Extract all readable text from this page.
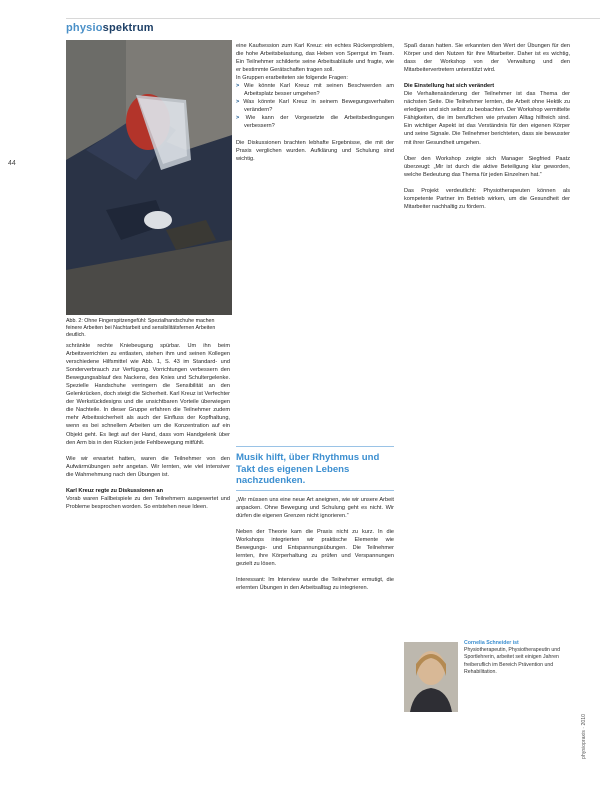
physiospektrum
44
Abb. 2: Ohne Fingerspitzengefühl: Spezialhandschuhe machen feinere Arbeiten bei Nachtarbeit und sensibilitätsfernen Arbeiten deutlich.

schränkte rechte Kniebeugung spürbar. Um ihn beim Arbeitsverrichten zu entlasten, stehen ihm und seinen Kollegen verschiedene Hilfsmittel wie Abb. 1, S. 43 im Standard- und Sonderverbrauch zur Verfügung. Vorrichtungen verbessern den Bewegungsablauf des Nackens, des Knies und Schultergelenke. Spezielle Handschuhe verringern die Sensibilität an den Gelenkrücken, doch steigt die Sicherheit. Karl Kreuz ist Verfechter der Werkstückdesigns und die unsichtbaren Vorteile überwiegen die Nachteile. In dieser Gruppe erfahren die Teilnehmer zudem mehr Arbeitssicherheit als auch der Einfluss der Kopfhaltung, wenn es bei schnellem Arbeiten um die Konzentration auf ein Objekt geht. Es liegt auf der Hand, dass vom Handgelenk über den Arm bis in den Rücken jede Fehlbewegung mitfühlt.

Wie wir erwartet hatten, waren die Teilnehmer von den Aufwärmübungen sehr angetan. Wir lernten, wie viel intensiver die Wahrnehmung nach den Übungen ist.

Karl Kreuz regte zu Diskussionen an

Vorab waren Fallbeispiele zu den Teilnehmern ausgewertet und Probleme besprochen worden. So entstehen neue Ideen.

eine Kaufsession zum Karl Kreuz: ein echtes Rückenproblem, die hohe Arbeitsbelastung, das Heben von Sperrgut im Team. Ein Teilnehmer schilderte seine Arbeitsabläufe und fragte, wie er bestimmte Gerätschaften tragen soll.

In Gruppen erarbeiteten sie folgende Fragen:

> Wie könnte Karl Kreuz mit seinen Beschwerden am Arbeitsplatz besser umgehen?
> Was könnte Karl Kreuz in seinem Bewegungsverhalten verändern?
> Wie kann der Vorgesetzte die Arbeitsbedingungen verbessern?

Die Diskussionen brachten lebhafte Ergebnisse, die mit der Praxis verglichen wurden. Aufklärung und Schulung sind wichtig.

Musik hilft, über Rhythmus und Takt des eigenen Lebens nachzudenken.

„Wir müssen uns eine neue Art aneignen, wie wir unsere Arbeit anpacken. Ohne Bewegung und Schulung geht es nicht. Wir dürfen die eigenen Grenzen nicht ignorieren.“

Neben der Theorie kam die Praxis nicht zu kurz. In die Workshops integrierten wir praktische Elemente wie Bewegungs- und Entspannungsübungen. Die Teilnehmer lernten, ihre Körperhaltung zu prüfen und Verspannungen gezielt zu lösen.

Interessant: Im Interview wurde die Teilnehmer ermutigt, die erlernten Übungen in den Arbeitsalltag zu integrieren.

Spaß daran hatten. Sie erkannten den Wert der Übungen für den Körper und den Nutzen für ihre Mitarbeiter. Daher ist es wichtig, dass der Workshop von der Verwaltung und den Mitarbeitervertretern unterstützt wird.

Die Einstellung hat sich verändert

Die Verhaltensänderung der Teilnehmer ist das Thema der nächsten Seite. Die Teilnehmer lernten, die Arbeit ohne Hektik zu erledigen und sich selbst zu beobachten. Der Workshop vermittelte Fähigkeiten, die im beruflichen wie privaten Alltag hilfreich sind. Ein wichtiger Aspekt ist das Verständnis für den eigenen Körper und seine Signale. Die Teilnehmer berichteten, dass sie bewusster mit ihrer Gesundheit umgehen.

Über den Workshop zeigte sich Manager Siegfried Paatz überzeugt: „Mir ist durch die aktive Beteiligung klar geworden, welche Bedeutung das Thema für jeden Einzelnen hat.“

Das Projekt verdeutlicht: Physiotherapeuten können als kompetente Partner im Betrieb wirken, um die Gesundheit der Mitarbeiter nachhaltig zu fördern.

Cornelia Schneider ist
Physiotherapeutin, Physiotherapeutin und Sportlehrerin, arbeitet seit einigen Jahren freiberuflich im Bereich Prävention und Rehabilitation.
physiopraxis · 2010
